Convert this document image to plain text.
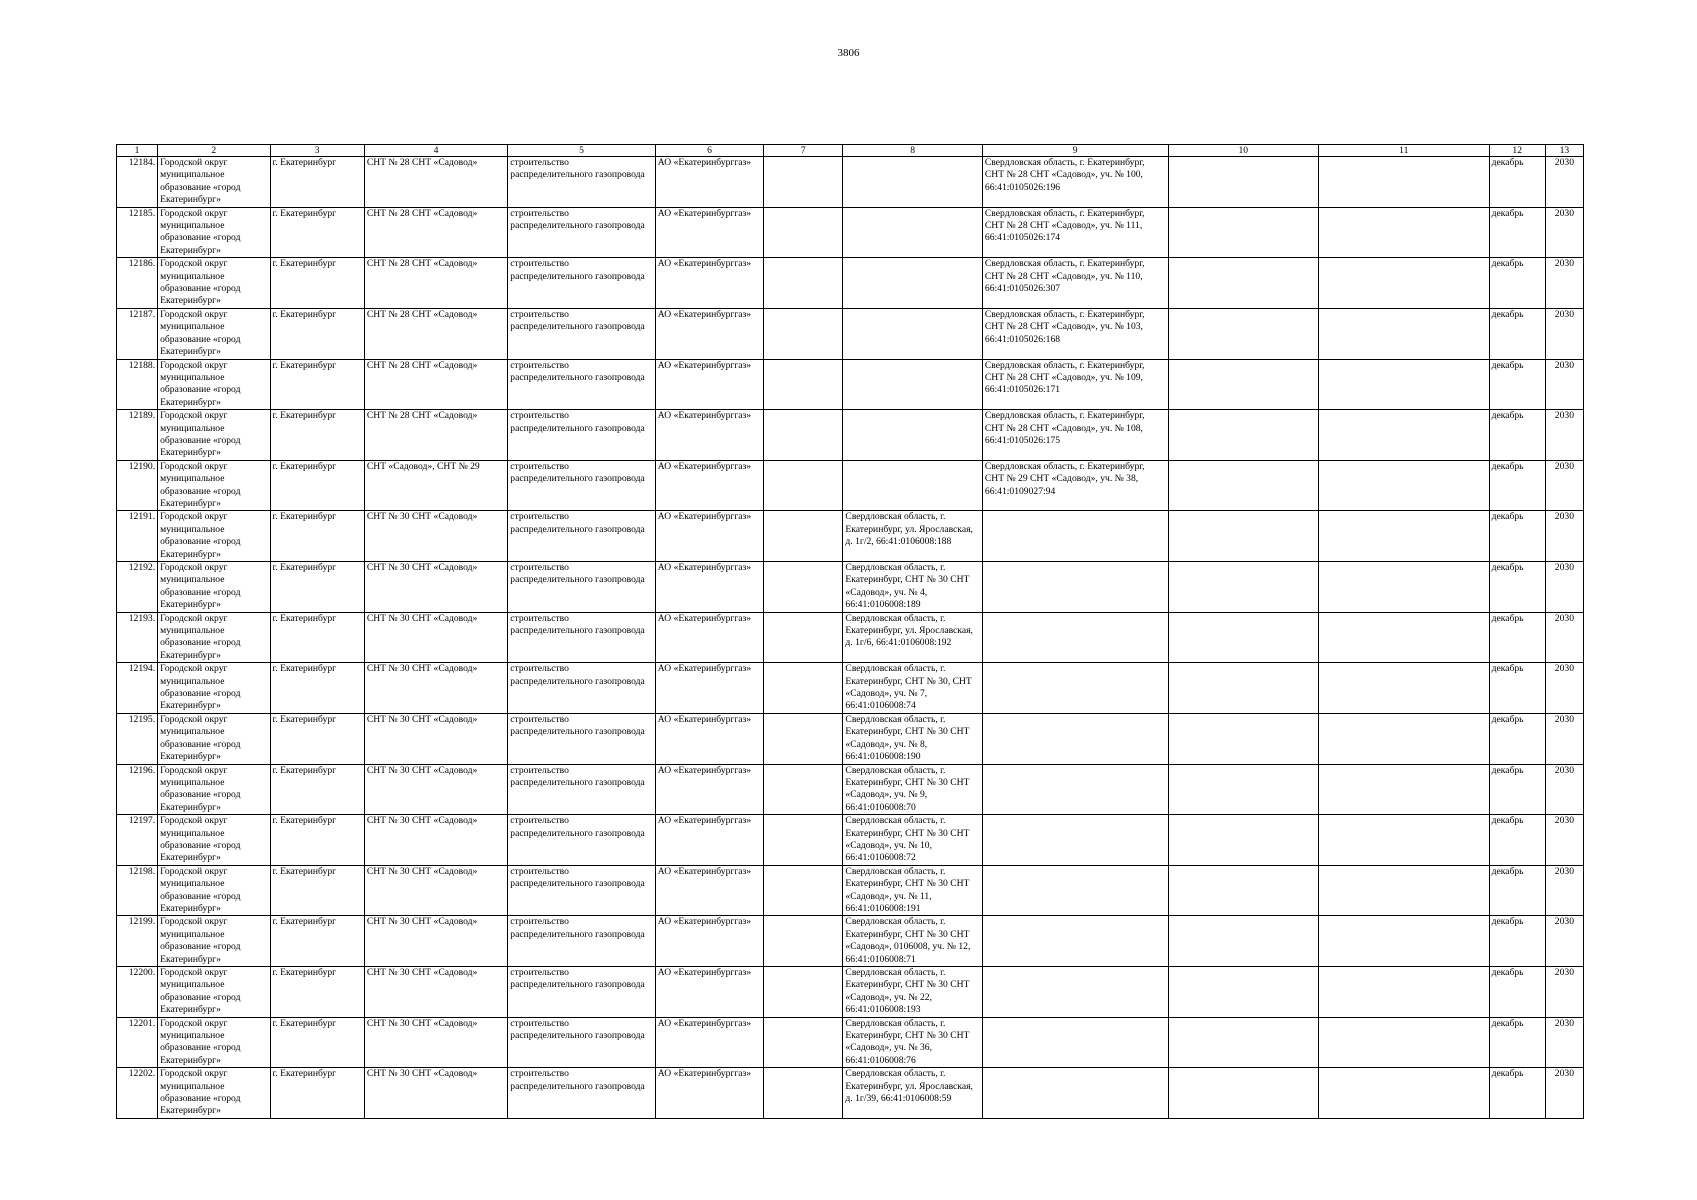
3806
1	2	3	4	5	6	7	8	9	10	11	12	13
12184.	Городской округ муниципальное образование «город Екатеринбург»	г. Екатеринбург	СНТ № 28 СНТ «Садовод»	строительство распределительного газопровода	АО «Екатеринбурггаз»			Свердловская область, г. Екатеринбург, СНТ № 28 СНТ «Садовод», уч. № 100, 66:41:0105026:196			декабрь	2030
12185.	Городской округ муниципальное образование «город Екатеринбург»	г. Екатеринбург	СНТ № 28 СНТ «Садовод»	строительство распределительного газопровода	АО «Екатеринбурггаз»			Свердловская область, г. Екатеринбург, СНТ № 28 СНТ «Садовод», уч. № 111, 66:41:0105026:174			декабрь	2030
12186.	Городской округ муниципальное образование «город Екатеринбург»	г. Екатеринбург	СНТ № 28 СНТ «Садовод»	строительство распределительного газопровода	АО «Екатеринбурггаз»			Свердловская область, г. Екатеринбург, СНТ № 28 СНТ «Садовод», уч. № 110, 66:41:0105026:307			декабрь	2030
12187.	Городской округ муниципальное образование «город Екатеринбург»	г. Екатеринбург	СНТ № 28 СНТ «Садовод»	строительство распределительного газопровода	АО «Екатеринбурггаз»			Свердловская область, г. Екатеринбург, СНТ № 28 СНТ «Садовод», уч. № 103, 66:41:0105026:168			декабрь	2030
12188.	Городской округ муниципальное образование «город Екатеринбург»	г. Екатеринбург	СНТ № 28 СНТ «Садовод»	строительство распределительного газопровода	АО «Екатеринбурггаз»			Свердловская область, г. Екатеринбург, СНТ № 28 СНТ «Садовод», уч. № 109, 66:41:0105026:171			декабрь	2030
12189.	Городской округ муниципальное образование «город Екатеринбург»	г. Екатеринбург	СНТ № 28 СНТ «Садовод»	строительство распределительного газопровода	АО «Екатеринбурггаз»			Свердловская область, г. Екатеринбург, СНТ № 28 СНТ «Садовод», уч. № 108, 66:41:0105026:175			декабрь	2030
12190.	Городской округ муниципальное образование «город Екатеринбург»	г. Екатеринбург	СНТ «Садовод», СНТ № 29	строительство распределительного газопровода	АО «Екатеринбурггаз»			Свердловская область, г. Екатеринбург, СНТ № 29 СНТ «Садовод», уч. № 38, 66:41:0109027:94			декабрь	2030
12191.	Городской округ муниципальное образование «город Екатеринбург»	г. Екатеринбург	СНТ № 30 СНТ «Садовод»	строительство распределительного газопровода	АО «Екатеринбурггаз»		Свердловская область, г. Екатеринбург, ул. Ярославская, д. 1г/2, 66:41:0106008:188				декабрь	2030
12192.	Городской округ муниципальное образование «город Екатеринбург»	г. Екатеринбург	СНТ № 30 СНТ «Садовод»	строительство распределительного газопровода	АО «Екатеринбурггаз»		Свердловская область, г. Екатеринбург, СНТ № 30 СНТ «Садовод», уч. № 4, 66:41:0106008:189				декабрь	2030
12193.	Городской округ муниципальное образование «город Екатеринбург»	г. Екатеринбург	СНТ № 30 СНТ «Садовод»	строительство распределительного газопровода	АО «Екатеринбурггаз»		Свердловская область, г. Екатеринбург, ул. Ярославская, д. 1г/6, 66:41:0106008:192				декабрь	2030
12194.	Городской округ муниципальное образование «город Екатеринбург»	г. Екатеринбург	СНТ № 30 СНТ «Садовод»	строительство распределительного газопровода	АО «Екатеринбурггаз»		Свердловская область, г. Екатеринбург, СНТ № 30, СНТ «Садовод», уч. № 7, 66:41:0106008:74				декабрь	2030
12195.	Городской округ муниципальное образование «город Екатеринбург»	г. Екатеринбург	СНТ № 30 СНТ «Садовод»	строительство распределительного газопровода	АО «Екатеринбурггаз»		Свердловская область, г. Екатеринбург, СНТ № 30 СНТ «Садовод», уч. № 8, 66:41:0106008:190				декабрь	2030
12196.	Городской округ муниципальное образование «город Екатеринбург»	г. Екатеринбург	СНТ № 30 СНТ «Садовод»	строительство распределительного газопровода	АО «Екатеринбурггаз»		Свердловская область, г. Екатеринбург, СНТ № 30 СНТ «Садовод», уч. № 9, 66:41:0106008:70				декабрь	2030
12197.	Городской округ муниципальное образование «город Екатеринбург»	г. Екатеринбург	СНТ № 30 СНТ «Садовод»	строительство распределительного газопровода	АО «Екатеринбурггаз»		Свердловская область, г. Екатеринбург, СНТ № 30 СНТ «Садовод», уч. № 10, 66:41:0106008:72				декабрь	2030
12198.	Городской округ муниципальное образование «город Екатеринбург»	г. Екатеринбург	СНТ № 30 СНТ «Садовод»	строительство распределительного газопровода	АО «Екатеринбурггаз»		Свердловская область, г. Екатеринбург, СНТ № 30 СНТ «Садовод», уч. № 11, 66:41:0106008:191				декабрь	2030
12199.	Городской округ муниципальное образование «город Екатеринбург»	г. Екатеринбург	СНТ № 30 СНТ «Садовод»	строительство распределительного газопровода	АО «Екатеринбурггаз»		Свердловская область, г. Екатеринбург, СНТ № 30 СНТ «Садовод», 0106008, уч. № 12, 66:41:0106008:71				декабрь	2030
12200.	Городской округ муниципальное образование «город Екатеринбург»	г. Екатеринбург	СНТ № 30 СНТ «Садовод»	строительство распределительного газопровода	АО «Екатеринбурггаз»		Свердловская область, г. Екатеринбург, СНТ № 30 СНТ «Садовод», уч. № 22, 66:41:0106008:193				декабрь	2030
12201.	Городской округ муниципальное образование «город Екатеринбург»	г. Екатеринбург	СНТ № 30 СНТ «Садовод»	строительство распределительного газопровода	АО «Екатеринбурггаз»		Свердловская область, г. Екатеринбург, СНТ № 30 СНТ «Садовод», уч. № 36, 66:41:0106008:76				декабрь	2030
12202.	Городской округ муниципальное образование «город Екатеринбург»	г. Екатеринбург	СНТ № 30 СНТ «Садовод»	строительство распределительного газопровода	АО «Екатеринбурггаз»		Свердловская область, г. Екатеринбург, ул. Ярославская, д. 1г/39, 66:41:0106008:59				декабрь	2030
